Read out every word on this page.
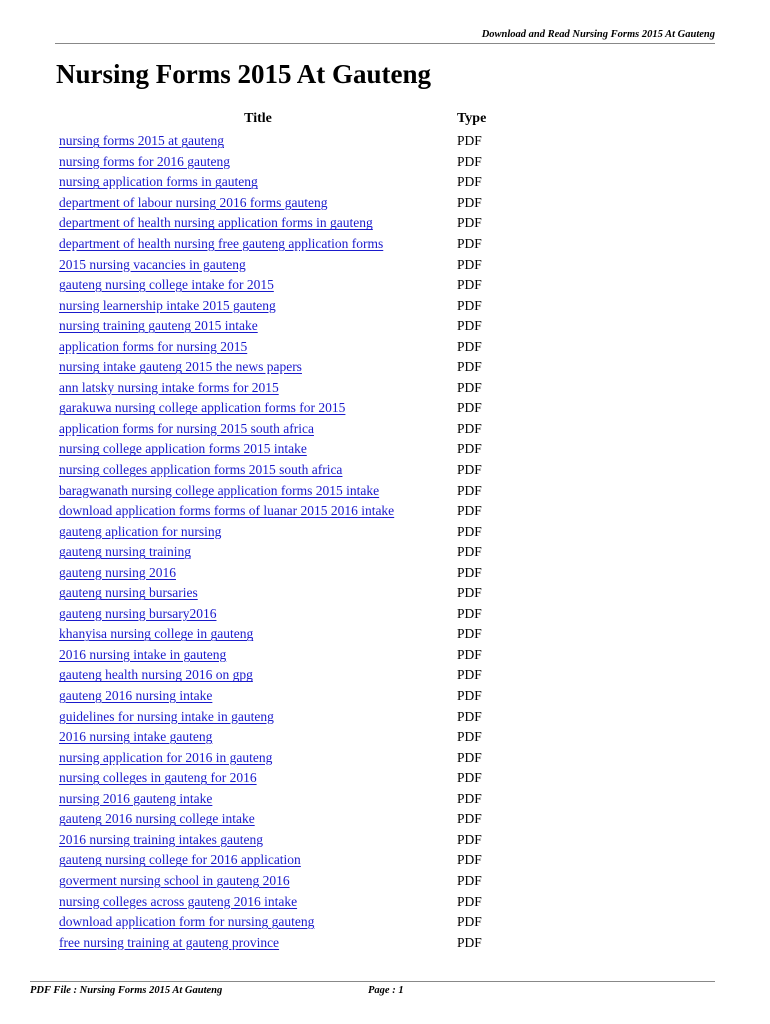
Download and Read Nursing Forms 2015 At Gauteng
Nursing Forms 2015 At Gauteng
Title	Type
nursing forms 2015 at gauteng	PDF
nursing forms for 2016 gauteng	PDF
nursing application forms in gauteng	PDF
department of labour nursing 2016 forms gauteng	PDF
department of health nursing application forms in gauteng	PDF
department of health nursing free gauteng application forms	PDF
2015 nursing vacancies in gauteng	PDF
gauteng nursing college intake for 2015	PDF
nursing learnership intake 2015 gauteng	PDF
nursing training gauteng 2015 intake	PDF
application forms for nursing 2015	PDF
nursing intake gauteng 2015 the news papers	PDF
ann latsky nursing intake forms for 2015	PDF
garakuwa nursing college application forms for 2015	PDF
application forms for nursing 2015 south africa	PDF
nursing college application forms 2015 intake	PDF
nursing colleges application forms 2015 south africa	PDF
baragwanath nursing college application forms 2015 intake	PDF
download application forms forms of luanar 2015 2016 intake	PDF
gauteng aplication for nursing	PDF
gauteng nursing training	PDF
gauteng nursing 2016	PDF
gauteng nursing bursaries	PDF
gauteng nursing bursary2016	PDF
khanyisa nursing college in gauteng	PDF
2016 nursing intake in gauteng	PDF
gauteng health nursing 2016 on gpg	PDF
gauteng 2016 nursing intake	PDF
guidelines for nursing intake in gauteng	PDF
2016 nursing intake gauteng	PDF
nursing application for 2016 in gauteng	PDF
nursing colleges in gauteng for 2016	PDF
nursing 2016 gauteng intake	PDF
gauteng 2016 nursing college intake	PDF
2016 nursing training intakes gauteng	PDF
gauteng nursing college for 2016 application	PDF
goverment nursing school in gauteng 2016	PDF
nursing colleges across gauteng 2016 intake	PDF
download application form for nursing gauteng	PDF
free nursing training at gauteng province	PDF
PDF File : Nursing Forms 2015 At Gauteng	Page : 1
